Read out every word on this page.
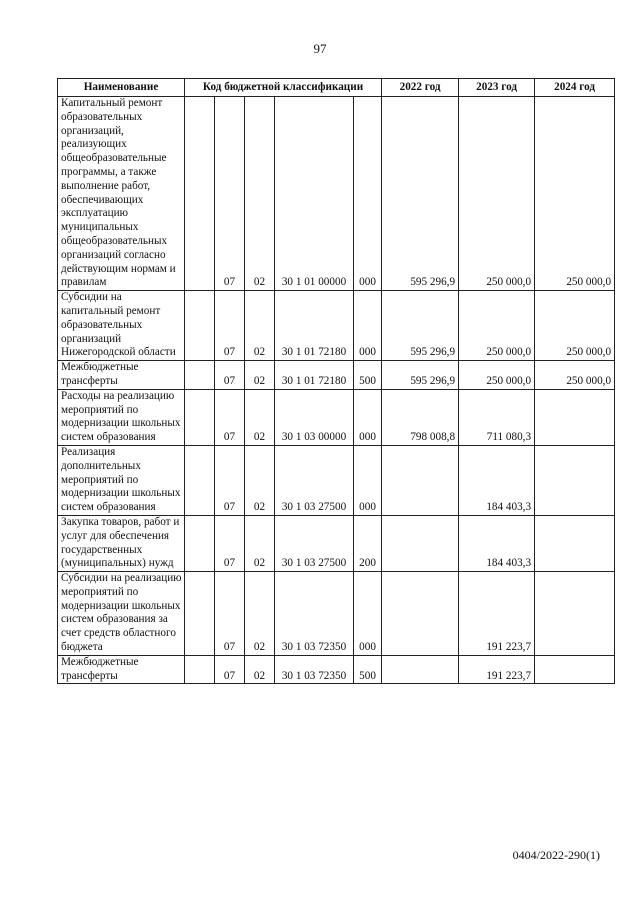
97
Наименование	Код бюджетной классификации					2022 год	2023 год	2024 год
Капитальный ремонт образовательных организаций, реализующих общеобразовательные программы, а также выполнение работ, обеспечивающих эксплуатацию муниципальных общеобразовательных организаций согласно действующим нормам и правилам		07	02	30 1 01 00000	000	595 296,9	250 000,0	250 000,0
Субсидии на капитальный ремонт образовательных организаций Нижегородской области		07	02	30 1 01 72180	000	595 296,9	250 000,0	250 000,0
Межбюджетные трансферты		07	02	30 1 01 72180	500	595 296,9	250 000,0	250 000,0
Расходы на реализацию мероприятий по модернизации школьных систем образования		07	02	30 1 03 00000	000	798 008,8	711 080,3	
Реализация дополнительных мероприятий по модернизации школьных систем образования		07	02	30 1 03 27500	000		184 403,3	
Закупка товаров, работ и услуг для обеспечения государственных (муниципальных) нужд		07	02	30 1 03 27500	200		184 403,3	
Субсидии на реализацию мероприятий по модернизации школьных систем образования за счет средств областного бюджета		07	02	30 1 03 72350	000		191 223,7	
Межбюджетные трансферты		07	02	30 1 03 72350	500		191 223,7	
0404/2022-290(1)
